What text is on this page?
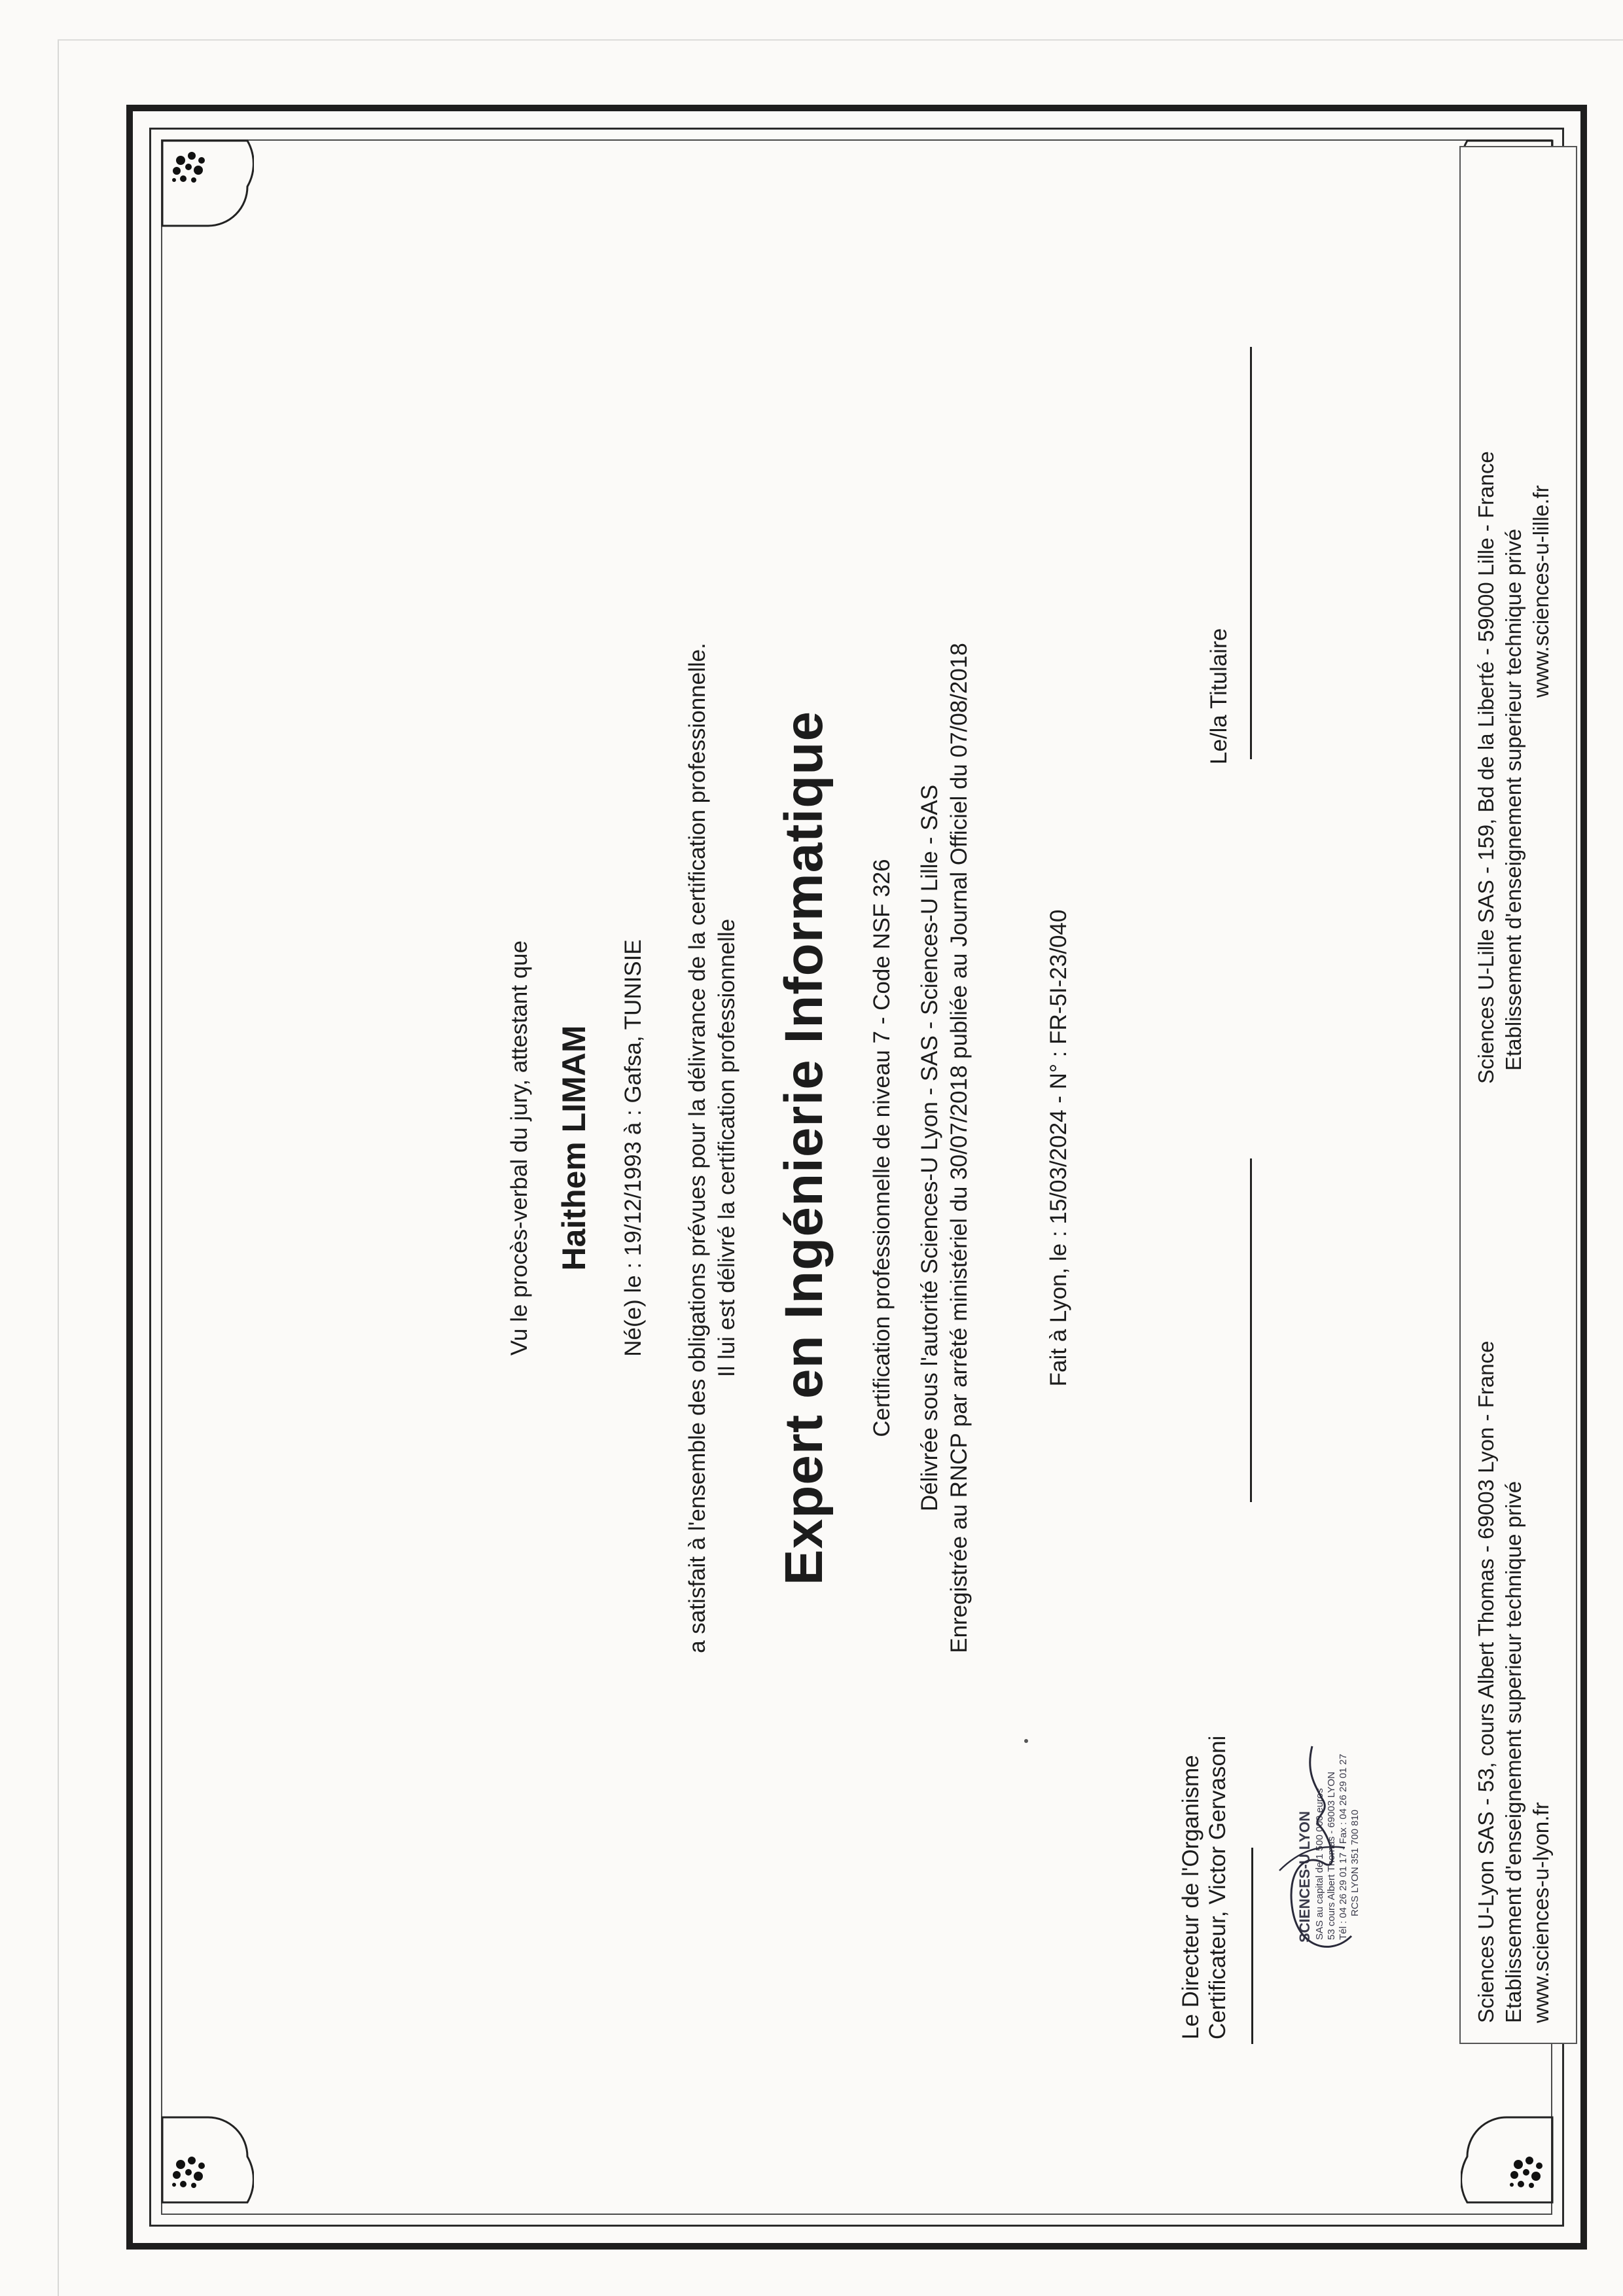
Vu le procès-verbal du jury, attestant que Haithem LIMAM Né(e) le : 19/12/1993 à : Gafsa, TUNISIE a satisfait à l'ensemble des obligations prévues pour la délivrance de la certification professionnelle. Il lui est délivré la certification professionnelle Expert en Ingénierie Informatique Certification professionnelle de niveau 7 - Code NSF 326 Délivrée sous l'autorité Sciences-U Lyon - SAS - Sciences-U Lille - SAS Enregistrée au RNCP par arrêté ministériel du 30/07/2018 publiée au Journal Officiel du 07/08/2018	Fait à Lyon, le : 15/03/2024 - N° : FR-5I-23/040
Le Directeur de l'Organisme Certificateur, Victor Gervasoni
Le/la Titulaire
SCIENCES-U LYON SAS au capital de 1 500 000 euros 53 cours Albert Thomas - 69003 LYON Tél : 04 26 29 01 17 - Fax : 04 26 29 01 27 RCS LYON 351 700 810	Sciences U-Lyon SAS - 53, cours Albert Thomas - 69003 Lyon - France Etablissement d'enseignement superieur technique privé www.sciences-u-lyon.fr
Sciences U-Lille SAS - 159, Bd de la Liberté - 59000 Lille - France Etablissement d'enseignement superieur technique privé www.sciences-u-lille.fr
